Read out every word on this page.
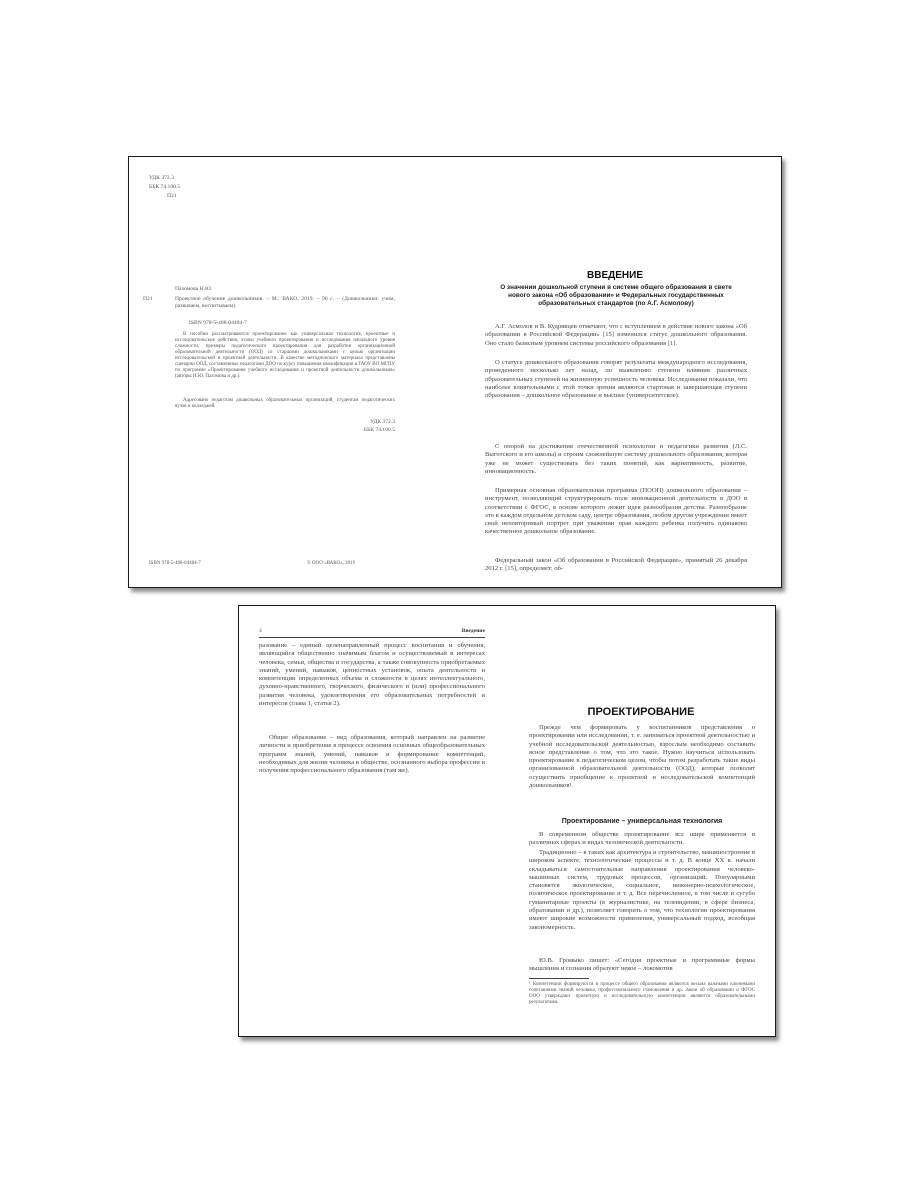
УДК 372.3
ББК 74.100.5
П21
Пахомова Н.Ю.
П21	Проектное обучение дошкольников. – М.: ВАКО, 2019. – 96 с. – (Дошкольники: учим, развиваем, воспитываем).
ISBN 978-5-408-04484-7
В пособии рассматриваются проектирование как универсальная технология, проектные и исследовательские действия, этапы учебного проектирования и исследования начального уровня сложности, примеры педагогического проектирования для разработки организационной образовательной деятельности (ООД) со старшими дошкольниками с целью организации исследовательской и проектной деятельности. В качестве методического материала представлены сценарии ООД, составленные педагогами ДОО по курсу повышения квалификации в ГАОУ ВО МГПУ по программе «Проектирование учебного исследования и проектной деятельности дошкольников» (авторы Н.Ю. Пахомова и др.).
Адресовано педагогам дошкольных образовательных организаций, студентам педагогических вузов и колледжей.
УДК 372.3
ББК 74.100.5
ISBN 978-5-408-04484-7	© ООО «ВАКО», 2019
ВВЕДЕНИЕ
О значении дошкольной ступени в системе общего образования в свете нового закона «Об образовании» и Федеральных государственных образовательных стандартов (по А.Г. Асмолову)
А.Г. Асмолов и В. Кудрявцев отмечают, что с вступлением в действие нового закона «Об образовании в Российской Федерации» [15] изменился статус дошкольного образования. Оно стало базисным уровнем системы российского образования [1].
О статусе дошкольного образования говорят результаты международного исследования, проведенного несколько лет назад, по выявлению степени влияния различных образовательных ступеней на жизненную успешность человека. Исследования показали, что наиболее влиятельными с этой точки зрения являются стартовая и завершающая ступени образования – дошкольное образование и высшее (университетское).
С опорой на достижения отечественной психологии и педагогики развития (Л.С. Выготского и его школы) и строим сложнейшую систему дошкольного образования, которая уже не может существовать без таких понятий, как вариативность, развитие, инновационность.
Примерная основная образовательная программа (ПООП) дошкольного образования – инструмент, позволяющий структурировать поле инновационной деятельности в ДОО в соответствии с ФГОС, в основе которого лежит идея разнообразия детства. Разнообразие это в каждом отдельном детском саду, центре образования, любом другом учреждении имеет свой неповторимый портрет при уважении прав каждого ребенка получить одинаково качественное дошкольное образование.
Федеральный закон «Об образовании в Российской Федерации», принятый 26 декабря 2012 г. [15], определяет: об-
4	Введение
разование – единый целенаправленный процесс воспитания и обучения, являющийся общественно значимым благом и осуществляемый в интересах человека, семьи, общества и государства, а также совокупность приобретаемых знаний, умений, навыков, ценностных установок, опыта деятельности и компетенции определенных объема и сложности в целях интеллектуального, духовно-нравственного, творческого, физического и (или) профессионального развития человека, удовлетворения его образовательных потребностей и интересов (глава 1, статья 2).
Общее образование – вид образования, который направлен на развитие личности и приобретение в процессе освоения основных общеобразовательных программ знаний, умений, навыков и формирование компетенций, необходимых для жизни человека в обществе, осознанного выбора профессии и получения профессионального образования (там же).
ПРОЕКТИРОВАНИЕ
Прежде чем формировать у воспитанников представления о проектировании или исследовании, т. е. заниматься проектной деятельностью и учебной исследовательской деятельностью, взрослым необходимо составить ясное представление о том, что это такое. Нужно научиться использовать проектирование в педагогическом целом, чтобы потом разработать такие виды организованной образовательной деятельности (ООД), которые позволят осуществить приобщение к проектной и исследовательской компетенций дошкольников¹.
Проектирование – универсальная технология
В современном обществе проектирование все шире применяется в различных сферах и видах человеческой деятельности.
Традиционно – в таких как архитектура и строительство, машиностроение в широком аспекте, технологические процессы и т. д. В конце XX в. начали складываться самостоятельные направления проектирования человеко-машинных систем, трудовых процессов, организаций. Популярными становятся экологическое, социальное, инженерно-психологическое, политическое проектирование и т. д. Все перечисленное, в том числе и сугубо гуманитарные проекты (в журналистике, на телевидении, в сфере бизнеса, образовании и др.), позволяет говорить о том, что технологии проектирования имеют широкие возможности применения, универсальный подход, всеобщая закономерность.
Ю.В. Громыко пишет: «Сегодня проектные и программные формы мышления и сознания образуют некое – локомотив
¹ Компетенции формируются в процессе общего образования являются весьма важными ключевыми сочетаниями знаний человека, профессионального становления и др. Закон об образовании и ФГОС ООО утверждают проектную и исследовательскую компетенции являются образовательными результатами.
